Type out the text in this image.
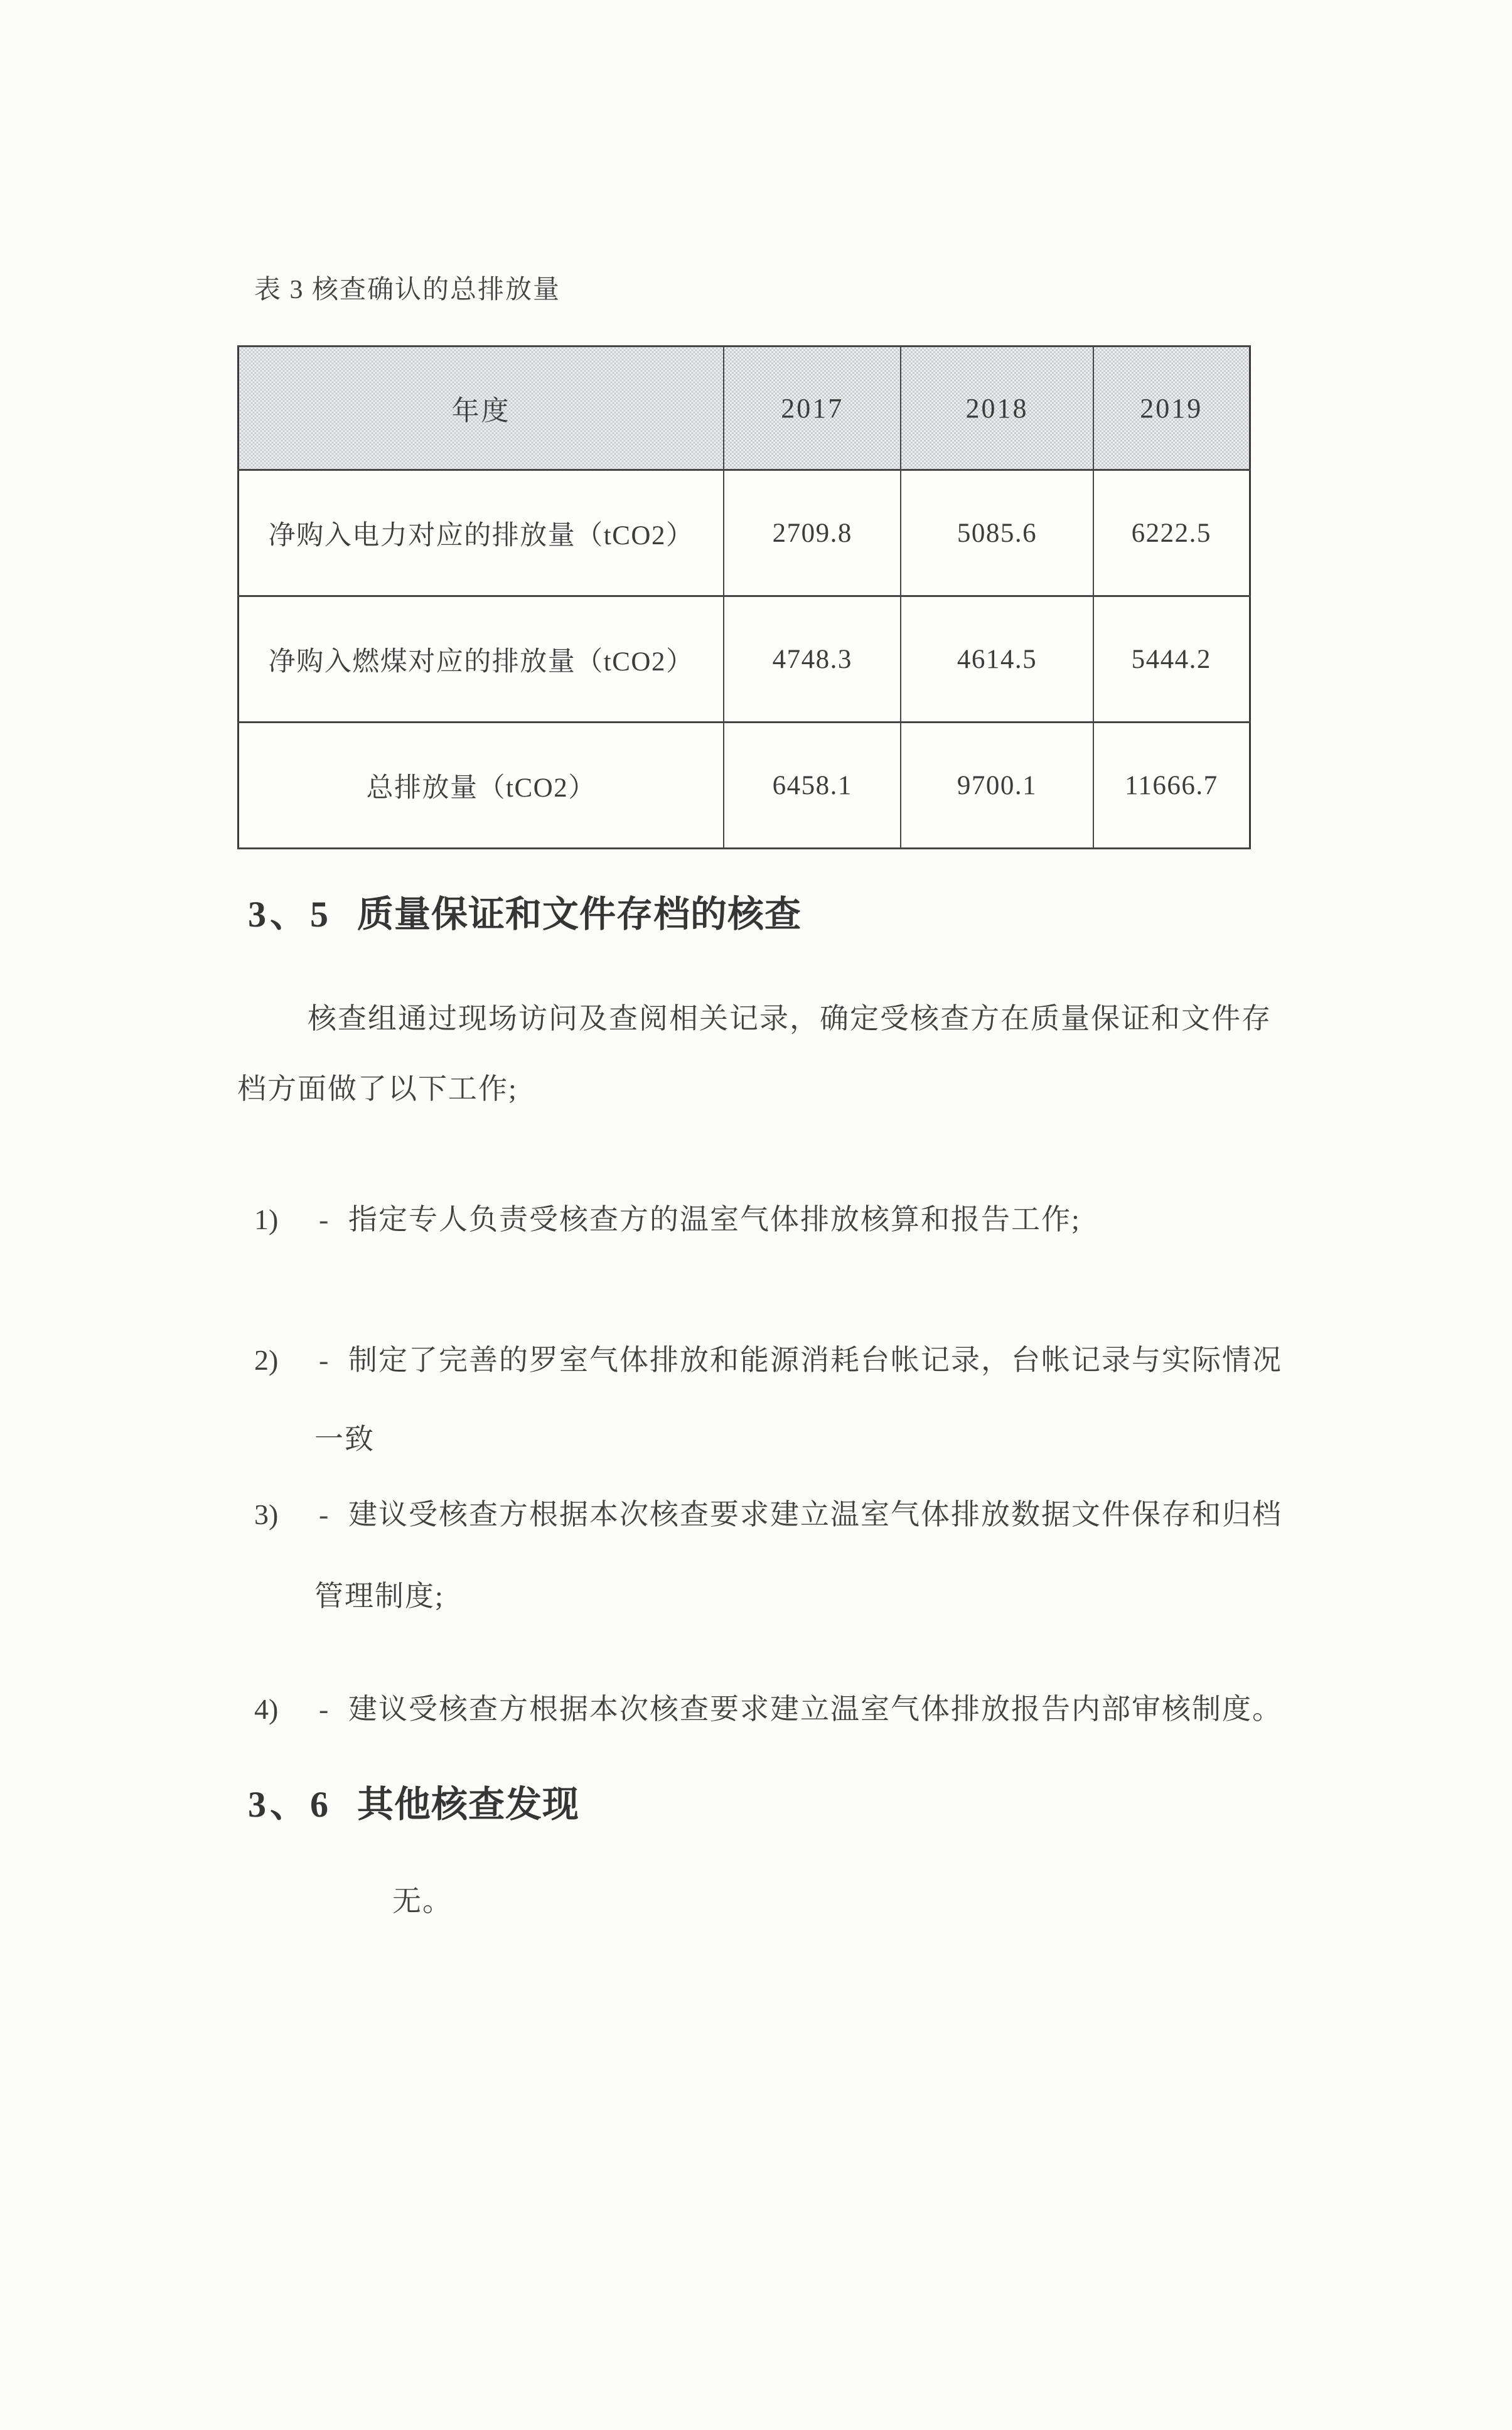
表 3 核查确认的总排放量
年度	2017	2018	2019
净购入电力对应的排放量（tCO2）	2709.8	5085.6	6222.5
净购入燃煤对应的排放量（tCO2）	4748.3	4614.5	5444.2
总排放量（tCO2）	6458.1	9700.1	11666.7
3、5 质量保证和文件存档的核查
核查组通过现场访问及查阅相关记录，确定受核查方在质量保证和文件存
档方面做了以下工作;
1)	- 指定专人负责受核查方的温室气体排放核算和报告工作;
2)	- 制定了完善的罗室气体排放和能源消耗台帐记录，台帐记录与实际情况
一致
3)	- 建议受核查方根据本次核查要求建立温室气体排放数据文件保存和归档
管理制度;
4)	- 建议受核查方根据本次核查要求建立温室气体排放报告内部审核制度。
3、6 其他核查发现
无。
